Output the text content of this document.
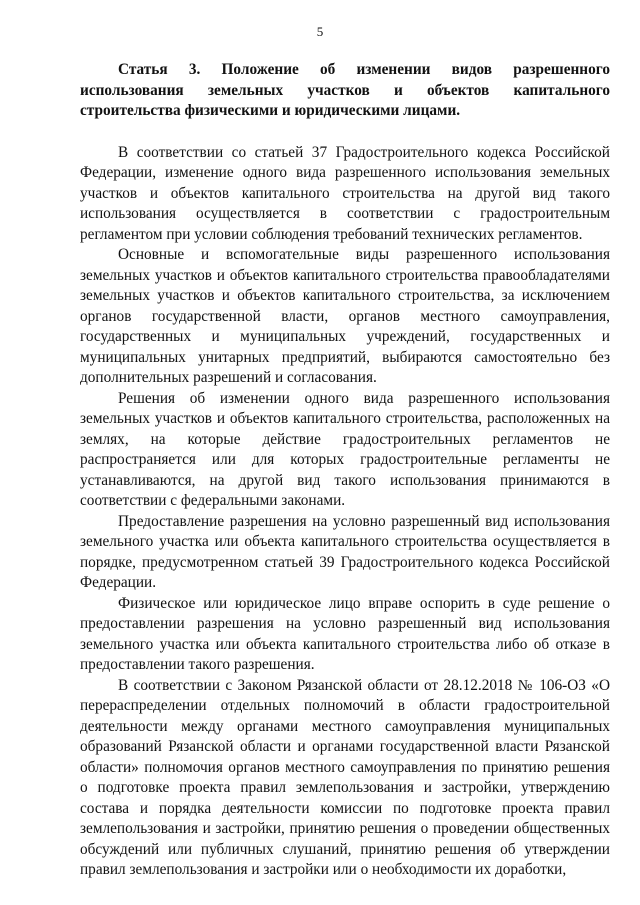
5

Статья 3. Положение об изменении видов разрешенного использования земельных участков и объектов капитального строительства физическими и юридическими лицами.

В соответствии со статьей 37 Градостроительного кодекса Российской Федерации, изменение одного вида разрешенного использования земельных участков и объектов капитального строительства на другой вид такого использования осуществляется в соответствии с градостроительным регламентом при условии соблюдения требований технических регламентов.

Основные и вспомогательные виды разрешенного использования земельных участков и объектов капитального строительства правообладателями земельных участков и объектов капитального строительства, за исключением органов государственной власти, органов местного самоуправления, государственных и муниципальных учреждений, государственных и муниципальных унитарных предприятий, выбираются самостоятельно без дополнительных разрешений и согласования.

Решения об изменении одного вида разрешенного использования земельных участков и объектов капитального строительства, расположенных на землях, на которые действие градостроительных регламентов не распространяется или для которых градостроительные регламенты не устанавливаются, на другой вид такого использования принимаются в соответствии с федеральными законами.

Предоставление разрешения на условно разрешенный вид использования земельного участка или объекта капитального строительства осуществляется в порядке, предусмотренном статьей 39 Градостроительного кодекса Российской Федерации.

Физическое или юридическое лицо вправе оспорить в суде решение о предоставлении разрешения на условно разрешенный вид использования земельного участка или объекта капитального строительства либо об отказе в предоставлении такого разрешения.

В соответствии с Законом Рязанской области от 28.12.2018 № 106-ОЗ «О перераспределении отдельных полномочий в области градостроительной деятельности между органами местного самоуправления муниципальных образований Рязанской области и органами государственной власти Рязанской области» полномочия органов местного самоуправления по принятию решения о подготовке проекта правил землепользования и застройки, утверждению состава и порядка деятельности комиссии по подготовке проекта правил землепользования и застройки, принятию решения о проведении общественных обсуждений или публичных слушаний, принятию решения об утверждении правил землепользования и застройки или о необходимости их доработки,
